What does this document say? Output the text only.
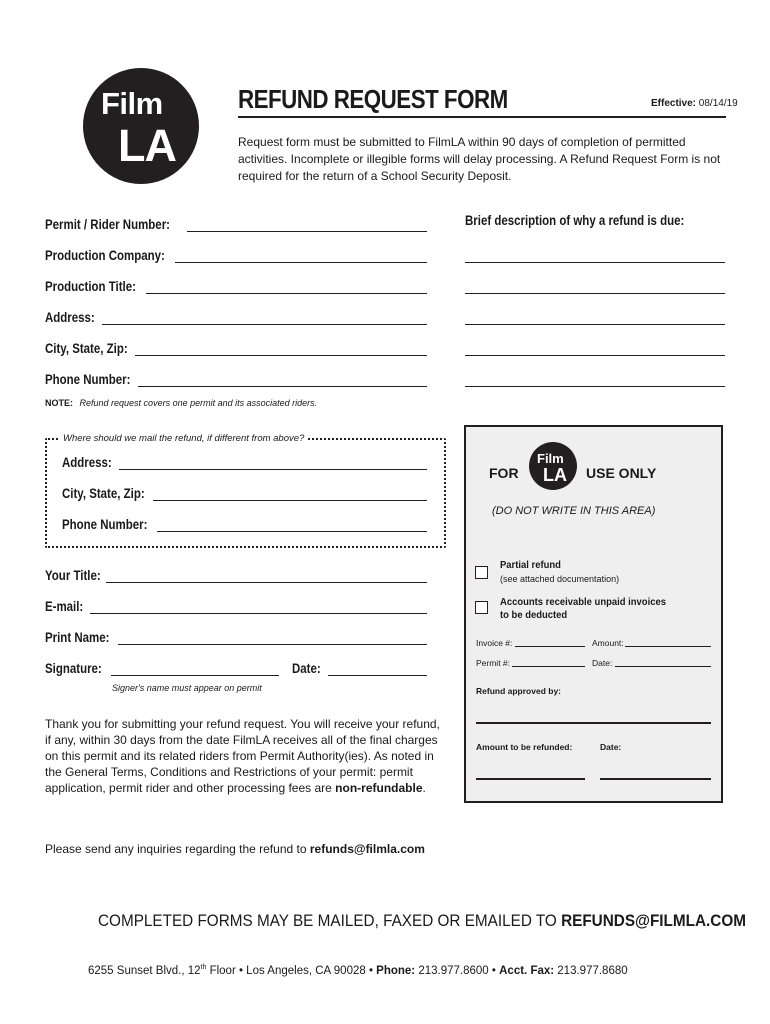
Film
LA
REFUND REQUEST FORM	Effective: 08/14/19
Request form must be submitted to FilmLA within 90 days of completion of permitted activities. Incomplete or illegible forms will delay processing. A Refund Request Form is not required for the return of a School Security Deposit.
Permit / Rider Number:
Production Company:
Production Title:
Address:
City, State, Zip:
Phone Number:
NOTE: Refund request covers one permit and its associated riders.
Brief description of why a refund is due:
Where should we mail the refund, if different from above?
Address:
City, State, Zip:
Phone Number:
Your Title:
E-mail:
Print Name:
Signature:	Date:
Signer's name must appear on permit
Thank you for submitting your refund request. You will receive your refund, if any, within 30 days from the date FilmLA receives all of the final charges on this permit and its related riders from Permit Authority(ies). As noted in the General Terms, Conditions and Restrictions of your permit: permit application, permit rider and other processing fees are non-refundable.
Please send any inquiries regarding the refund to refunds@filmla.com
COMPLETED FORMS MAY BE MAILED, FAXED OR EMAILED TO REFUNDS@FILMLA.COM
6255 Sunset Blvd., 12th Floor • Los Angeles, CA 90028 • Phone: 213.977.8600 • Acct. Fax: 213.977.8680
FOR
Film
LA USE ONLY
(DO NOT WRITE IN THIS AREA)
Partial refund
(see attached documentation)
Accounts receivable unpaid invoices
to be deducted
Invoice #:	Amount:
Permit #:	Date:
Refund approved by:
Amount to be refunded:	Date:
